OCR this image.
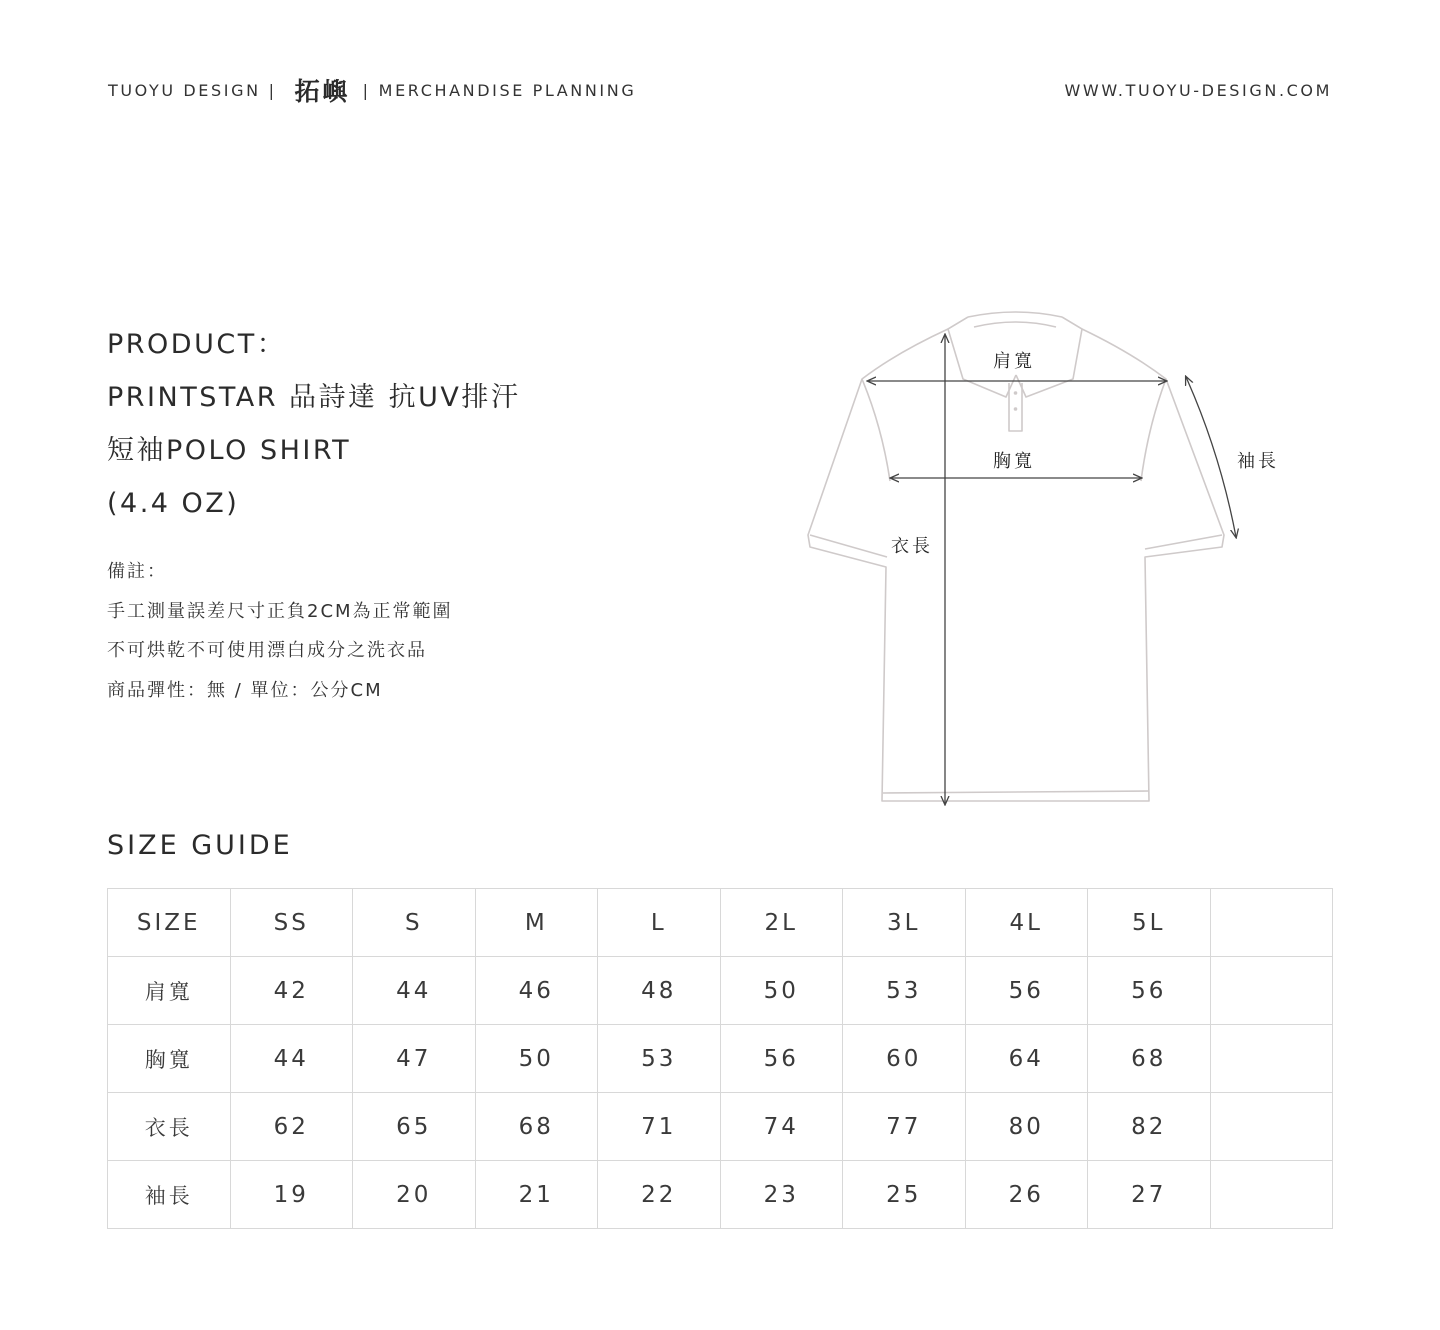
TUOYU DESIGN | 拓嶼 | MERCHANDISE PLANNING	WWW.TUOYU-DESIGN.COM
PRODUCT：
PRINTSTAR 品詩達 抗UV排汗
短袖POLO SHIRT
(4.4 OZ)
備註：
手工測量誤差尺寸正負2CM為正常範圍
不可烘乾不可使用漂白成分之洗衣品
商品彈性：無 / 單位：公分CM
肩寬
胸寬
衣長
袖長
SIZE GUIDE
SIZE	SS	S	M	L	2L	3L	4L	5L	
肩寬	42	44	46	48	50	53	56	56	
胸寬	44	47	50	53	56	60	64	68	
衣長	62	65	68	71	74	77	80	82	
袖長	19	20	21	22	23	25	26	27	
